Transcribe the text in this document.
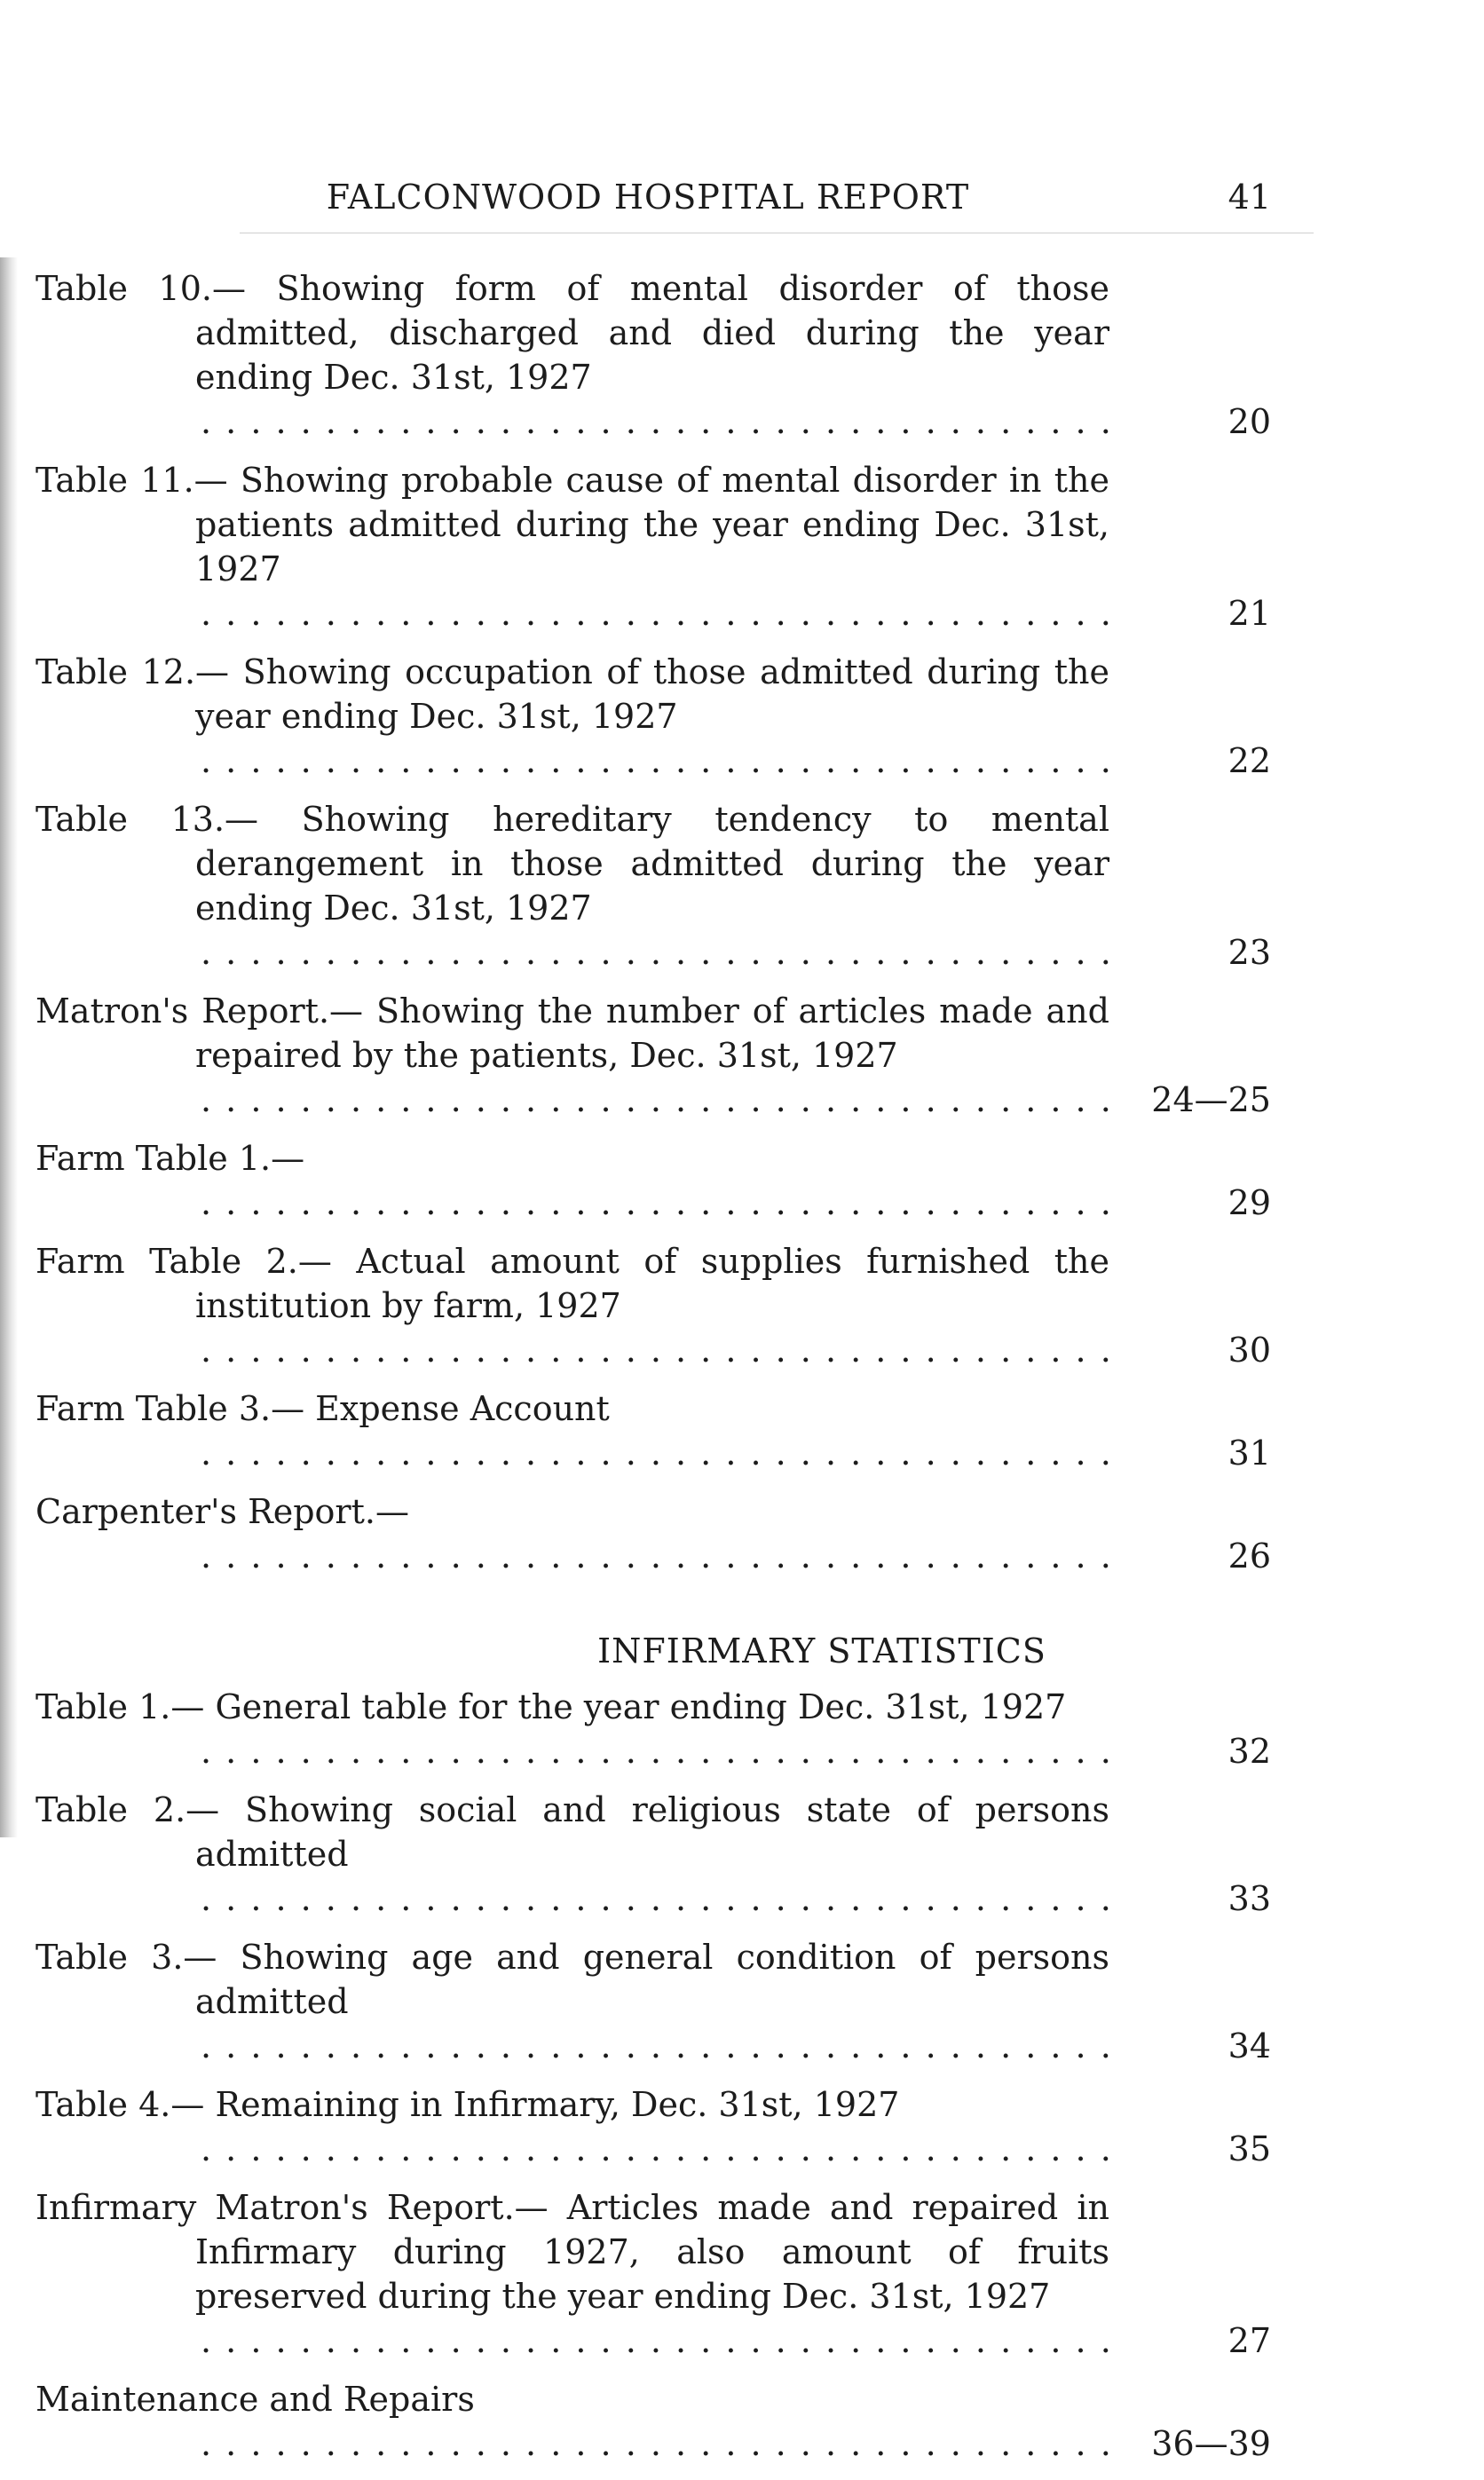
FALCONWOOD HOSPITAL REPORT	41
Table 10.— Showing form of mental disorder of those admitted, discharged and died during the year ending Dec. 31st, 1927
. . .
20
Table 11.— Showing probable cause of mental disorder in the patients admitted during the year ending Dec. 31st, 1927
. . .
21
Table 12.— Showing occupation of those admitted during the year ending Dec. 31st, 1927
. . .
22
Table 13.— Showing hereditary tendency to mental derangement in those admitted during the year ending Dec. 31st, 1927
. . .
23
Matron's Report.— Showing the number of articles made and repaired by the patients, Dec. 31st, 1927
. . .
24—25
Farm Table 1.—
. . .
29
Farm Table 2.— Actual amount of supplies furnished the institution by farm, 1927
. . .
30
Farm Table 3.— Expense Account
. . .
31
Carpenter's Report.—
. . .
26
INFIRMARY STATISTICS
Table 1.— General table for the year ending Dec. 31st, 1927
. . .
32
Table 2.— Showing social and religious state of persons admitted
. . .
33
Table 3.— Showing age and general condition of persons admitted
. . .
34
Table 4.— Remaining in Infirmary, Dec. 31st, 1927
. . .
35
Infirmary Matron's Report.— Articles made and repaired in Infirmary during 1927, also amount of fruits preserved during the year ending Dec. 31st, 1927
. . .
27
Maintenance and Repairs
. . .
36—39
